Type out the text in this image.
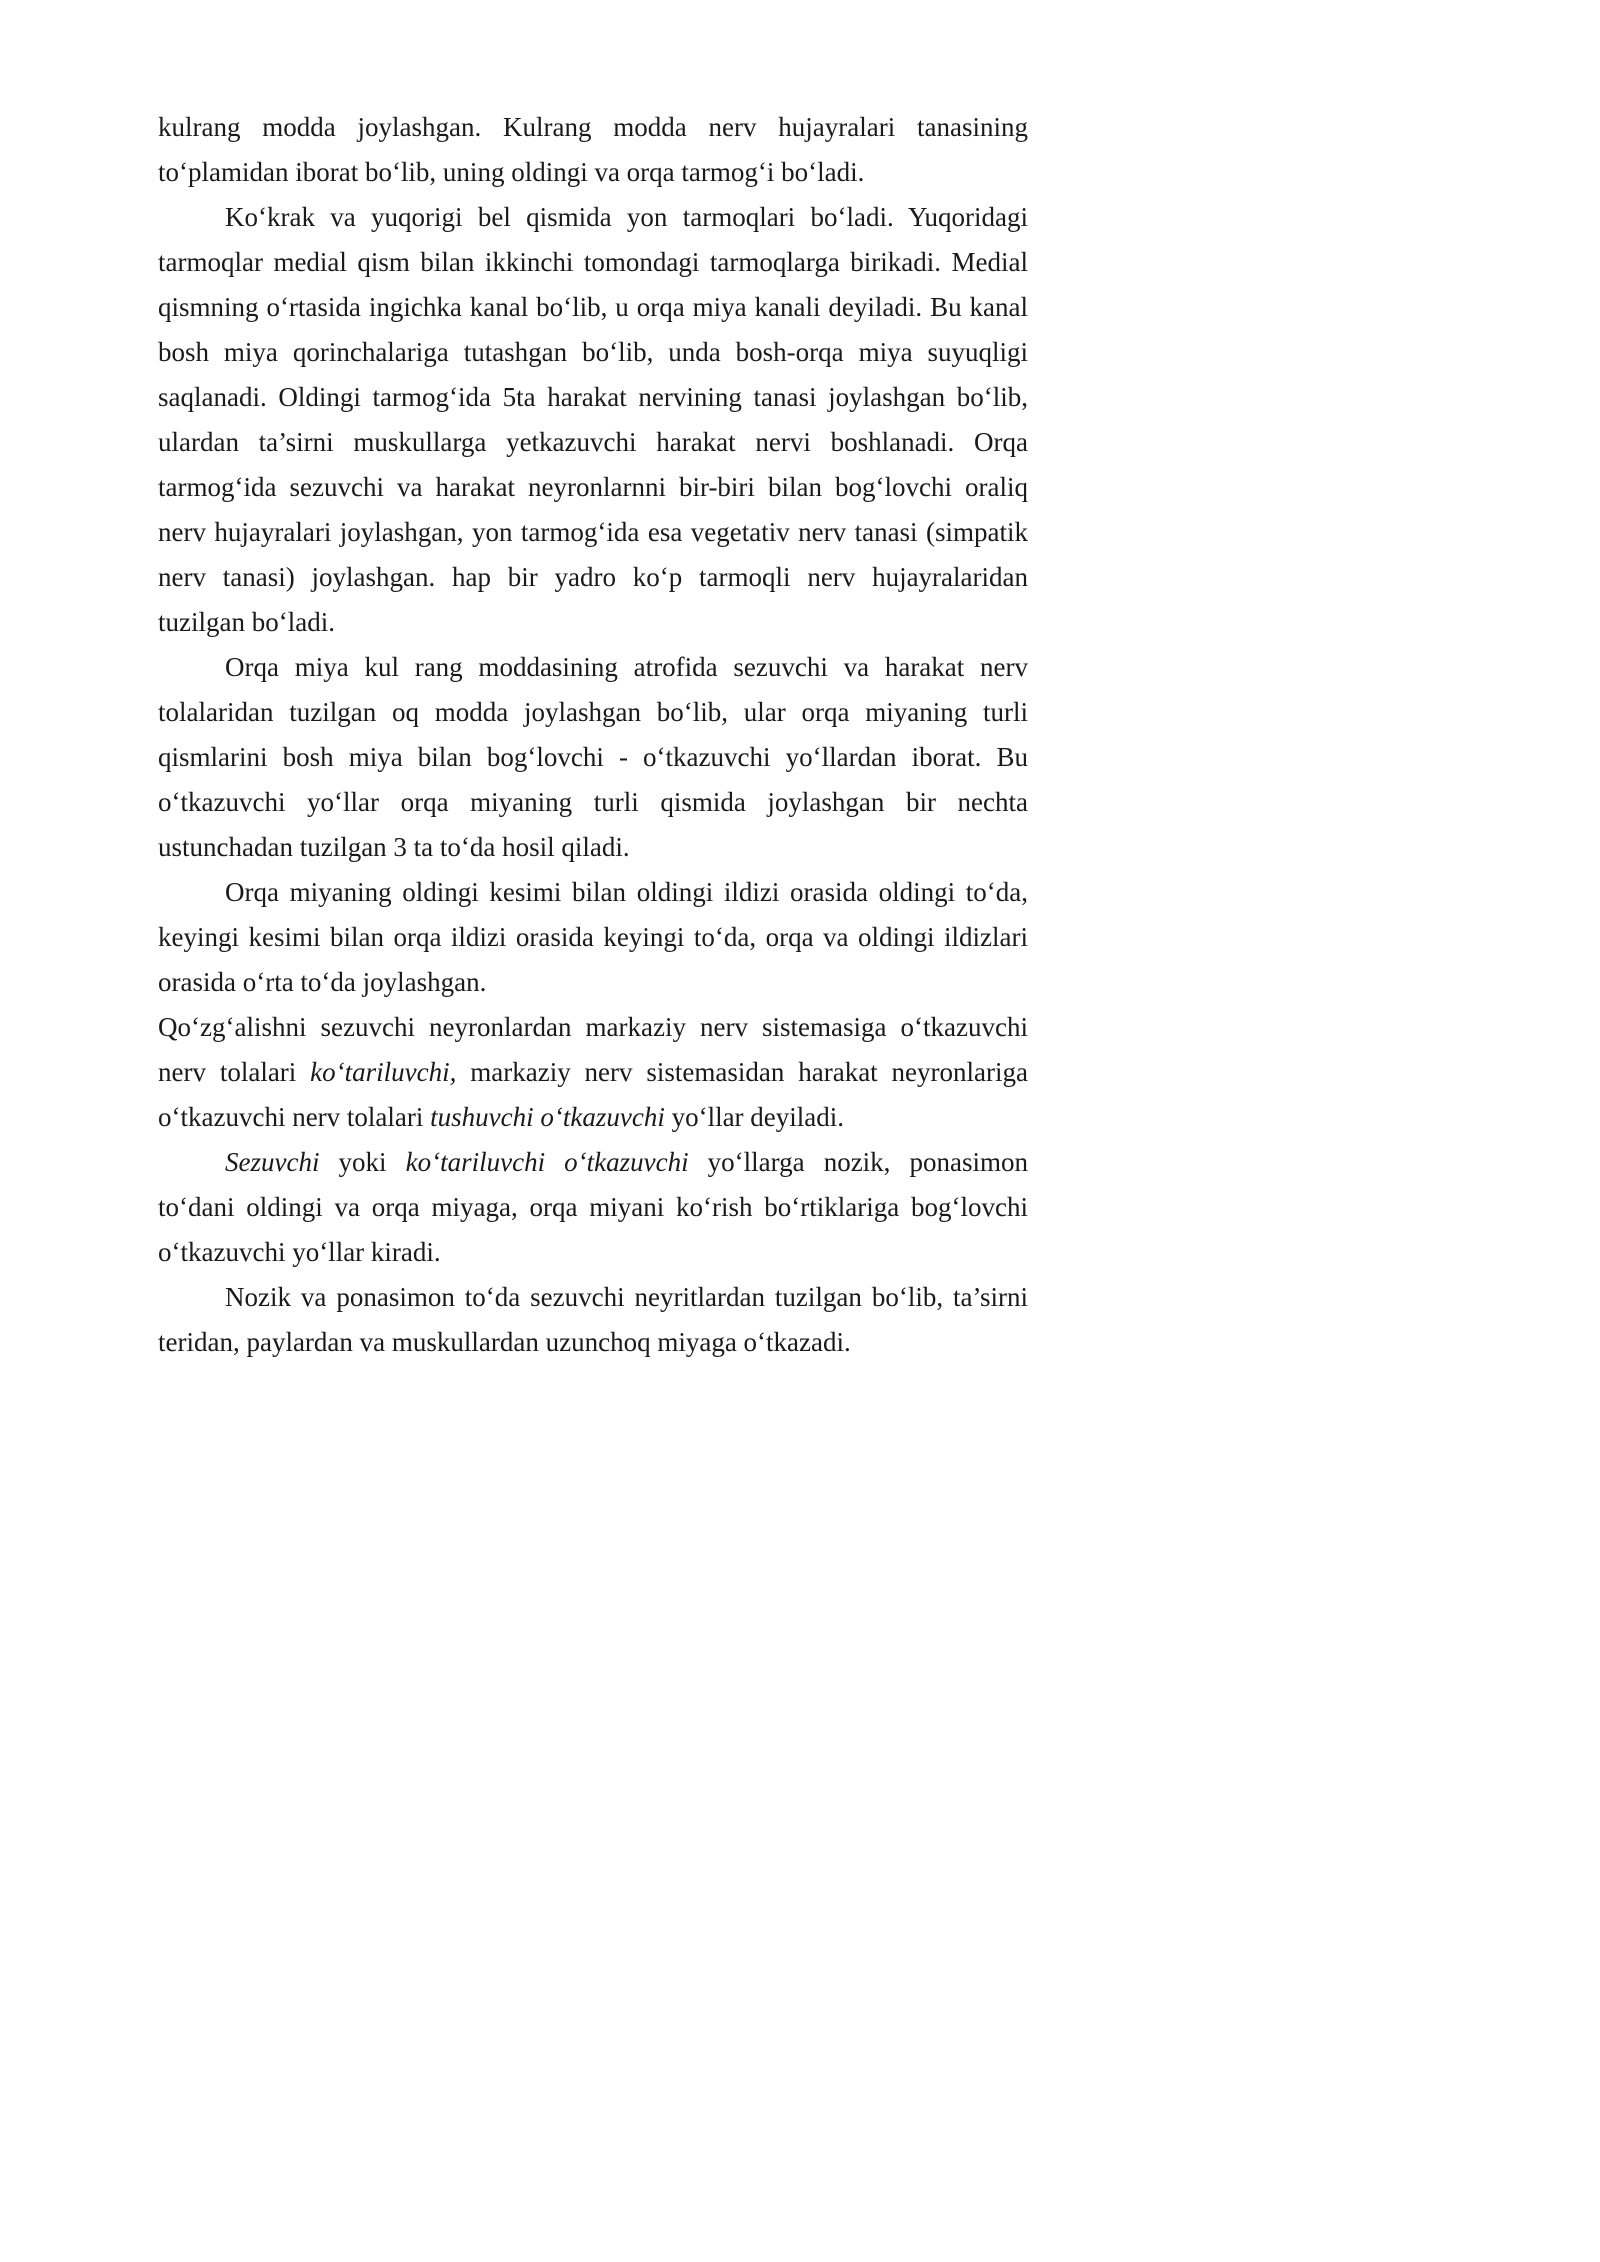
kulrang modda joylashgan. Kulrang modda nerv hujayralari tanasining to‘plamidan iborat bo‘lib, uning oldingi va orqa tarmog‘i bo‘ladi.

Ko‘krak va yuqorigi bel qismida yon tarmoqlari bo‘ladi. Yuqoridagi tarmoqlar medial qism bilan ikkinchi tomondagi tarmoqlarga birikadi. Medial qismning o‘rtasida ingichka kanal bo‘lib, u orqa miya kanali deyiladi. Bu kanal bosh miya qorinchalariga tutashgan bo‘lib, unda bosh-orqa miya suyuqligi saqlanadi. Oldingi tarmog‘ida 5ta harakat nervining tanasi joylashgan bo‘lib, ulardan ta’sirni muskullarga yetkazuvchi harakat nervi boshlanadi. Orqa tarmog‘ida sezuvchi va harakat neyronlarnni bir-biri bilan bog‘lovchi oraliq nerv hujayralari joylashgan, yon tarmog‘ida esa vegetativ nerv tanasi (simpatik nerv tanasi) joylashgan. hap bir yadro ko‘p tarmoqli nerv hujayralaridan tuzilgan bo‘ladi.

Orqa miya kul rang moddasining atrofida sezuvchi va harakat nerv tolalaridan tuzilgan oq modda joylashgan bo‘lib, ular orqa miyaning turli qismlarini bosh miya bilan bog‘lovchi - o‘tkazuvchi yo‘llardan iborat. Bu o‘tkazuvchi yo‘llar orqa miyaning turli qismida joylashgan bir nechta ustunchadan tuzilgan 3 ta to‘da hosil qiladi.

Orqa miyaning oldingi kesimi bilan oldingi ildizi orasida oldingi to‘da, keyingi kesimi bilan orqa ildizi orasida keyingi to‘da, orqa va oldingi ildizlari orasida o‘rta to‘da joylashgan.

Qo‘zg‘alishni sezuvchi neyronlardan markaziy nerv sistemasiga o‘tkazuvchi nerv tolalari ko‘tariluvchi, markaziy nerv sistemasidan harakat neyronlariga o‘tkazuvchi nerv tolalari tushuvchi o‘tkazuvchi yo‘llar deyiladi.

Sezuvchi yoki ko‘tariluvchi o‘tkazuvchi yo‘llarga nozik, ponasimon to‘dani oldingi va orqa miyaga, orqa miyani ko‘rish bo‘rtiklariga bog‘lovchi o‘tkazuvchi yo‘llar kiradi.

Nozik va ponasimon to‘da sezuvchi neyritlardan tuzilgan bo‘lib, ta’sirni teridan, paylardan va muskullardan uzunchoq miyaga o‘tkazadi.
